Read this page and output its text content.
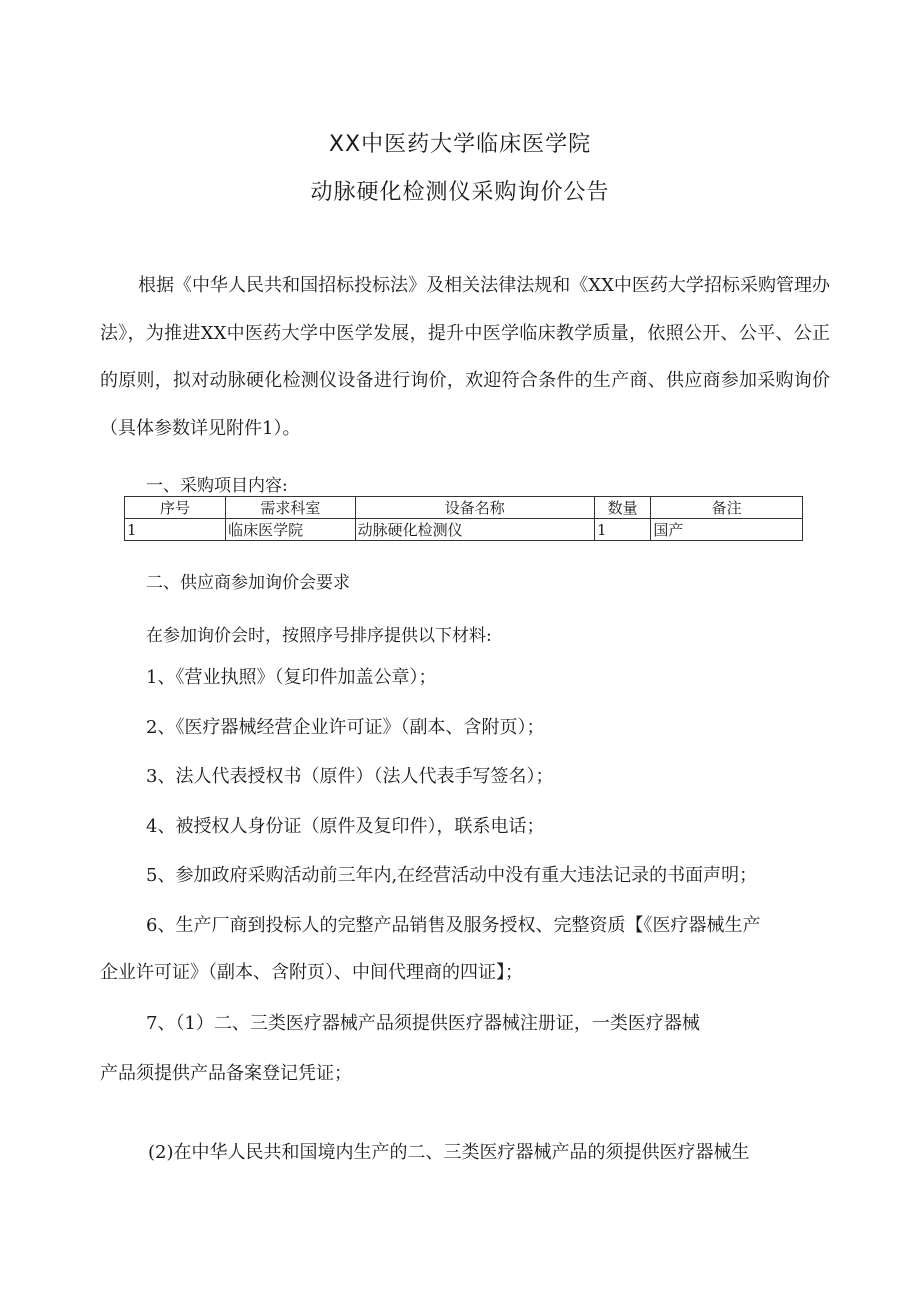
XX中医药大学临床医学院
动脉硬化检测仪采购询价公告
根据《中华人民共和国招标投标法》及相关法律法规和《XX中医药大学招标采购管理办法》，为推进XX中医药大学中医学发展，提升中医学临床教学质量，依照公开、公平、公正的原则，拟对动脉硬化检测仪设备进行询价，欢迎符合条件的生产商、供应商参加采购询价（具体参数详见附件1）。
一、采购项目内容:
序号	需求科室	设备名称	数量	备注
1	临床医学院	动脉硬化检测仪	1	国产
二、供应商参加询价会要求
在参加询价会时，按照序号排序提供以下材料:
1、《营业执照》（复印件加盖公章）；
2、《医疗器械经营企业许可证》（副本、含附页）；
3、法人代表授权书（原件）（法人代表手写签名）；
4、被授权人身份证（原件及复印件），联系电话；
5、参加政府采购活动前三年内,在经营活动中没有重大违法记录的书面声明；
6、生产厂商到投标人的完整产品销售及服务授权、完整资质【《医疗器械生产
企业许可证》（副本、含附页）、中间代理商的四证】；
7、（1）二、三类医疗器械产品须提供医疗器械注册证，一类医疗器械
产品须提供产品备案登记凭证；
(2)在中华人民共和国境内生产的二、三类医疗器械产品的须提供医疗器械生
